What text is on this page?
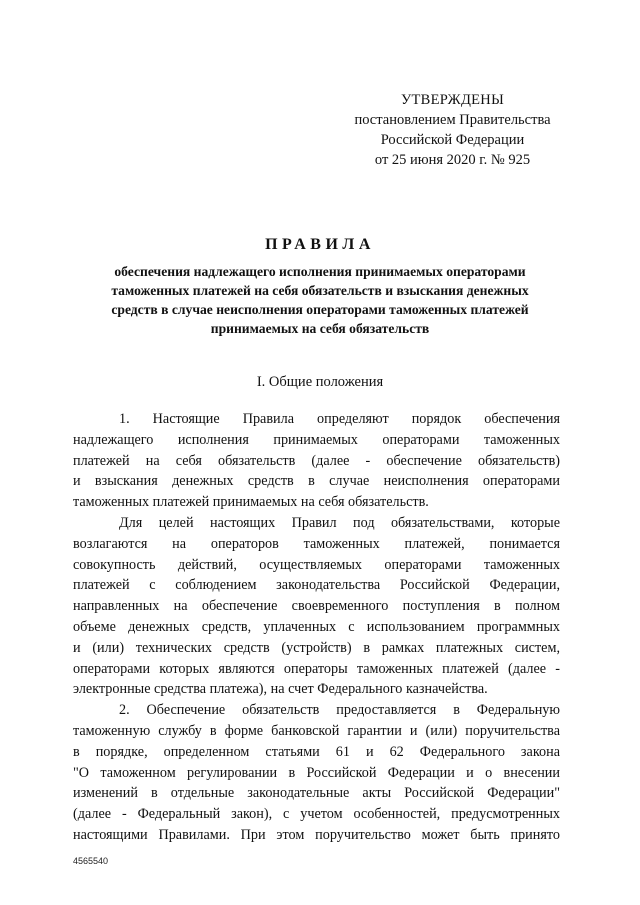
УТВЕРЖДЕНЫ
постановлением Правительства
Российской Федерации
от 25 июня 2020 г. № 925
ПРАВИЛА
обеспечения надлежащего исполнения принимаемых операторами
таможенных платежей на себя обязательств и взыскания денежных
средств в случае неисполнения операторами таможенных платежей
принимаемых на себя обязательств
I. Общие положения
1. Настоящие Правила определяют порядок обеспечения
надлежащего исполнения принимаемых операторами таможенных
платежей на себя обязательств (далее - обеспечение обязательств)
и взыскания денежных средств в случае неисполнения операторами
таможенных платежей принимаемых на себя обязательств.
Для целей настоящих Правил под обязательствами, которые
возлагаются на операторов таможенных платежей, понимается
совокупность действий, осуществляемых операторами таможенных
платежей с соблюдением законодательства Российской Федерации,
направленных на обеспечение своевременного поступления в полном
объеме денежных средств, уплаченных с использованием программных
и (или) технических средств (устройств) в рамках платежных систем,
операторами которых являются операторы таможенных платежей (далее -
электронные средства платежа), на счет Федерального казначейства.
2. Обеспечение обязательств предоставляется в Федеральную
таможенную службу в форме банковской гарантии и (или) поручительства
в порядке, определенном статьями 61 и 62 Федерального закона
"О таможенном регулировании в Российской Федерации и о внесении
изменений в отдельные законодательные акты Российской Федерации"
(далее - Федеральный закон), с учетом особенностей, предусмотренных
настоящими Правилами. При этом поручительство может быть принято
4565540
